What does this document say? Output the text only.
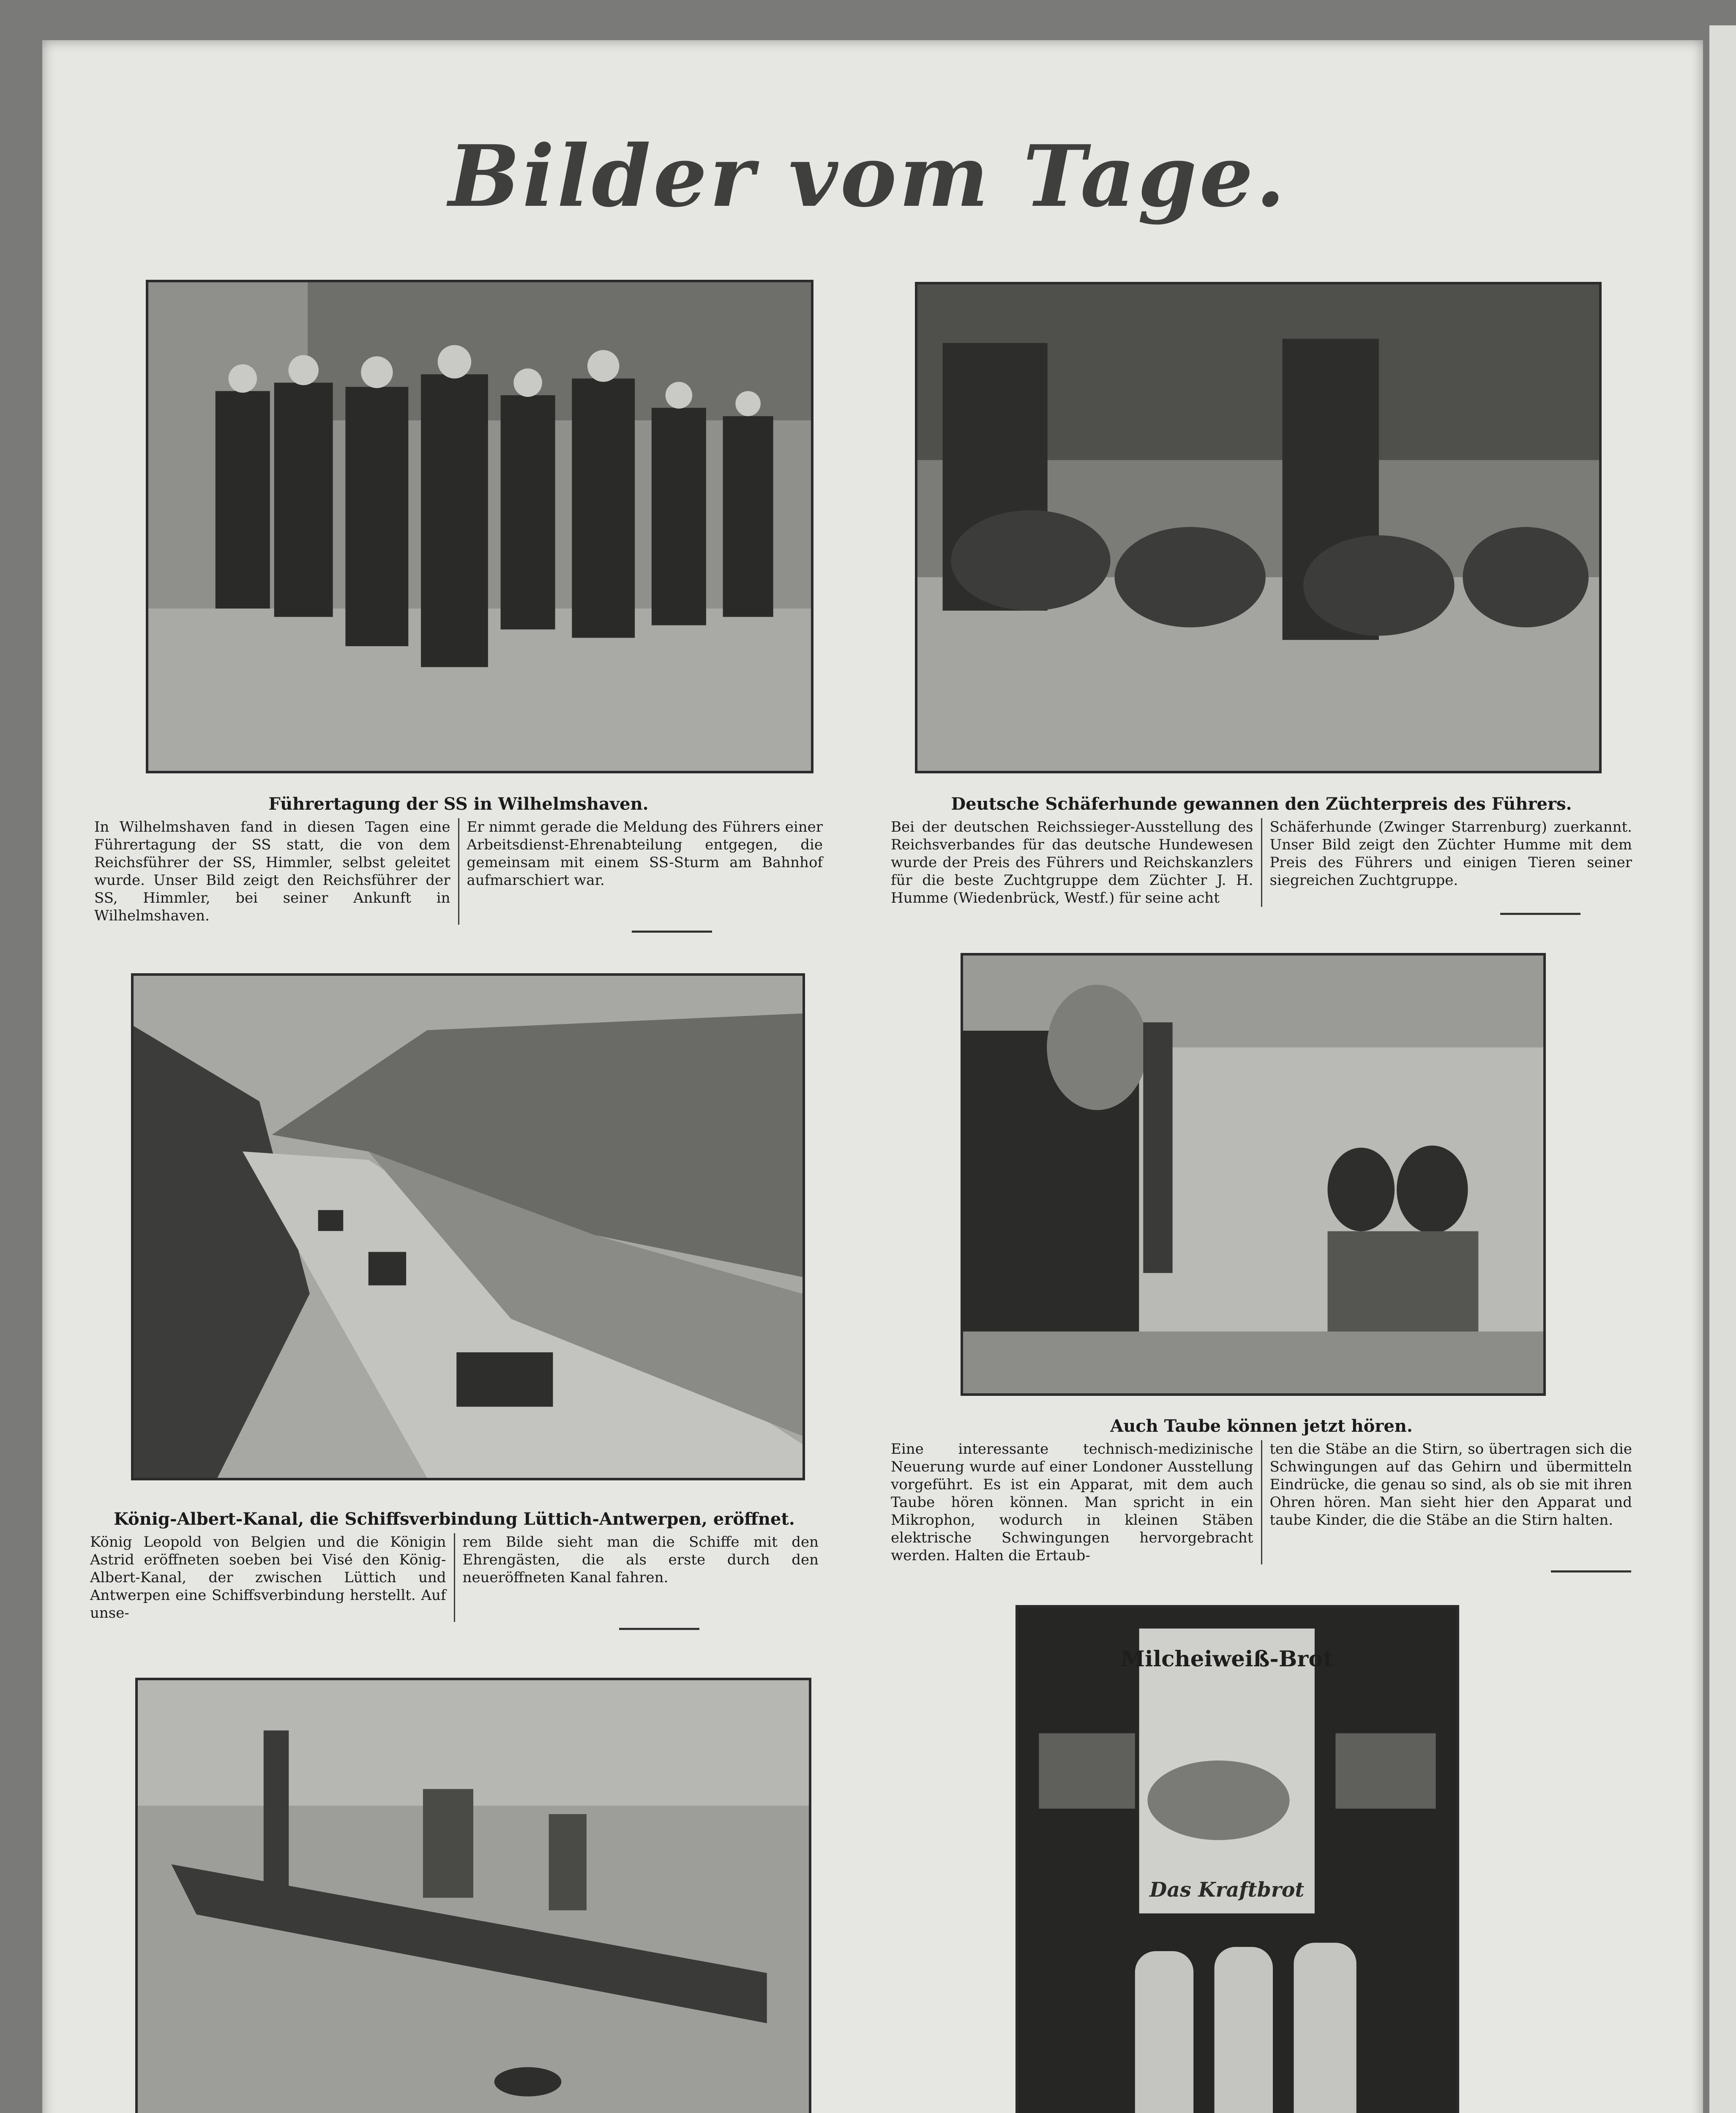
Bilder vom Tage.
Führertagung der SS in Wilhelmshaven.
In Wilhelmshaven fand in diesen Tagen eine Führertagung der SS statt, die von dem Reichsführer der SS, Himmler, selbst geleitet wurde. Unser Bild zeigt den Reichsführer der SS, Himmler, bei seiner Ankunft in Wilhelmshaven.
Er nimmt gerade die Meldung des Führers einer Arbeitsdienst-Ehrenabteilung entgegen, die gemeinsam mit einem SS-Sturm am Bahnhof aufmarschiert war.
Deutsche Schäferhunde gewannen den Züchterpreis des Führers.
Bei der deutschen Reichssieger-Ausstellung des Reichsverbandes für das deutsche Hundewesen wurde der Preis des Führers und Reichskanzlers für die beste Zuchtgruppe dem Züchter J. H. Humme (Wiedenbrück, Westf.) für seine acht
Schäferhunde (Zwinger Starrenburg) zuerkannt. Unser Bild zeigt den Züchter Humme mit dem Preis des Führers und einigen Tieren seiner siegreichen Zuchtgruppe.
König-Albert-Kanal, die Schiffsverbindung Lüttich-Antwerpen, eröffnet.
König Leopold von Belgien und die Königin Astrid eröffneten soeben bei Visé den König-Albert-Kanal, der zwischen Lüttich und Antwerpen eine Schiffsverbindung herstellt. Auf unse-
rem Bilde sieht man die Schiffe mit den Ehrengästen, die als erste durch den neueröffneten Kanal fahren.
Auch Taube können jetzt hören.
Eine interessante technisch-medizinische Neuerung wurde auf einer Londoner Ausstellung vorgeführt. Es ist ein Apparat, mit dem auch Taube hören können. Man spricht in ein Mikrophon, wodurch in kleinen Stäben elektrische Schwingungen hervorgebracht werden. Halten die Ertaub-
ten die Stäbe an die Stirn, so übertragen sich die Schwingungen auf das Gehirn und übermitteln Eindrücke, die genau so sind, als ob sie mit ihren Ohren hören. Man sieht hier den Apparat und taube Kinder, die die Stäbe an die Stirn halten.
Milcheiweiß-Brot
Das Kraftbrot
